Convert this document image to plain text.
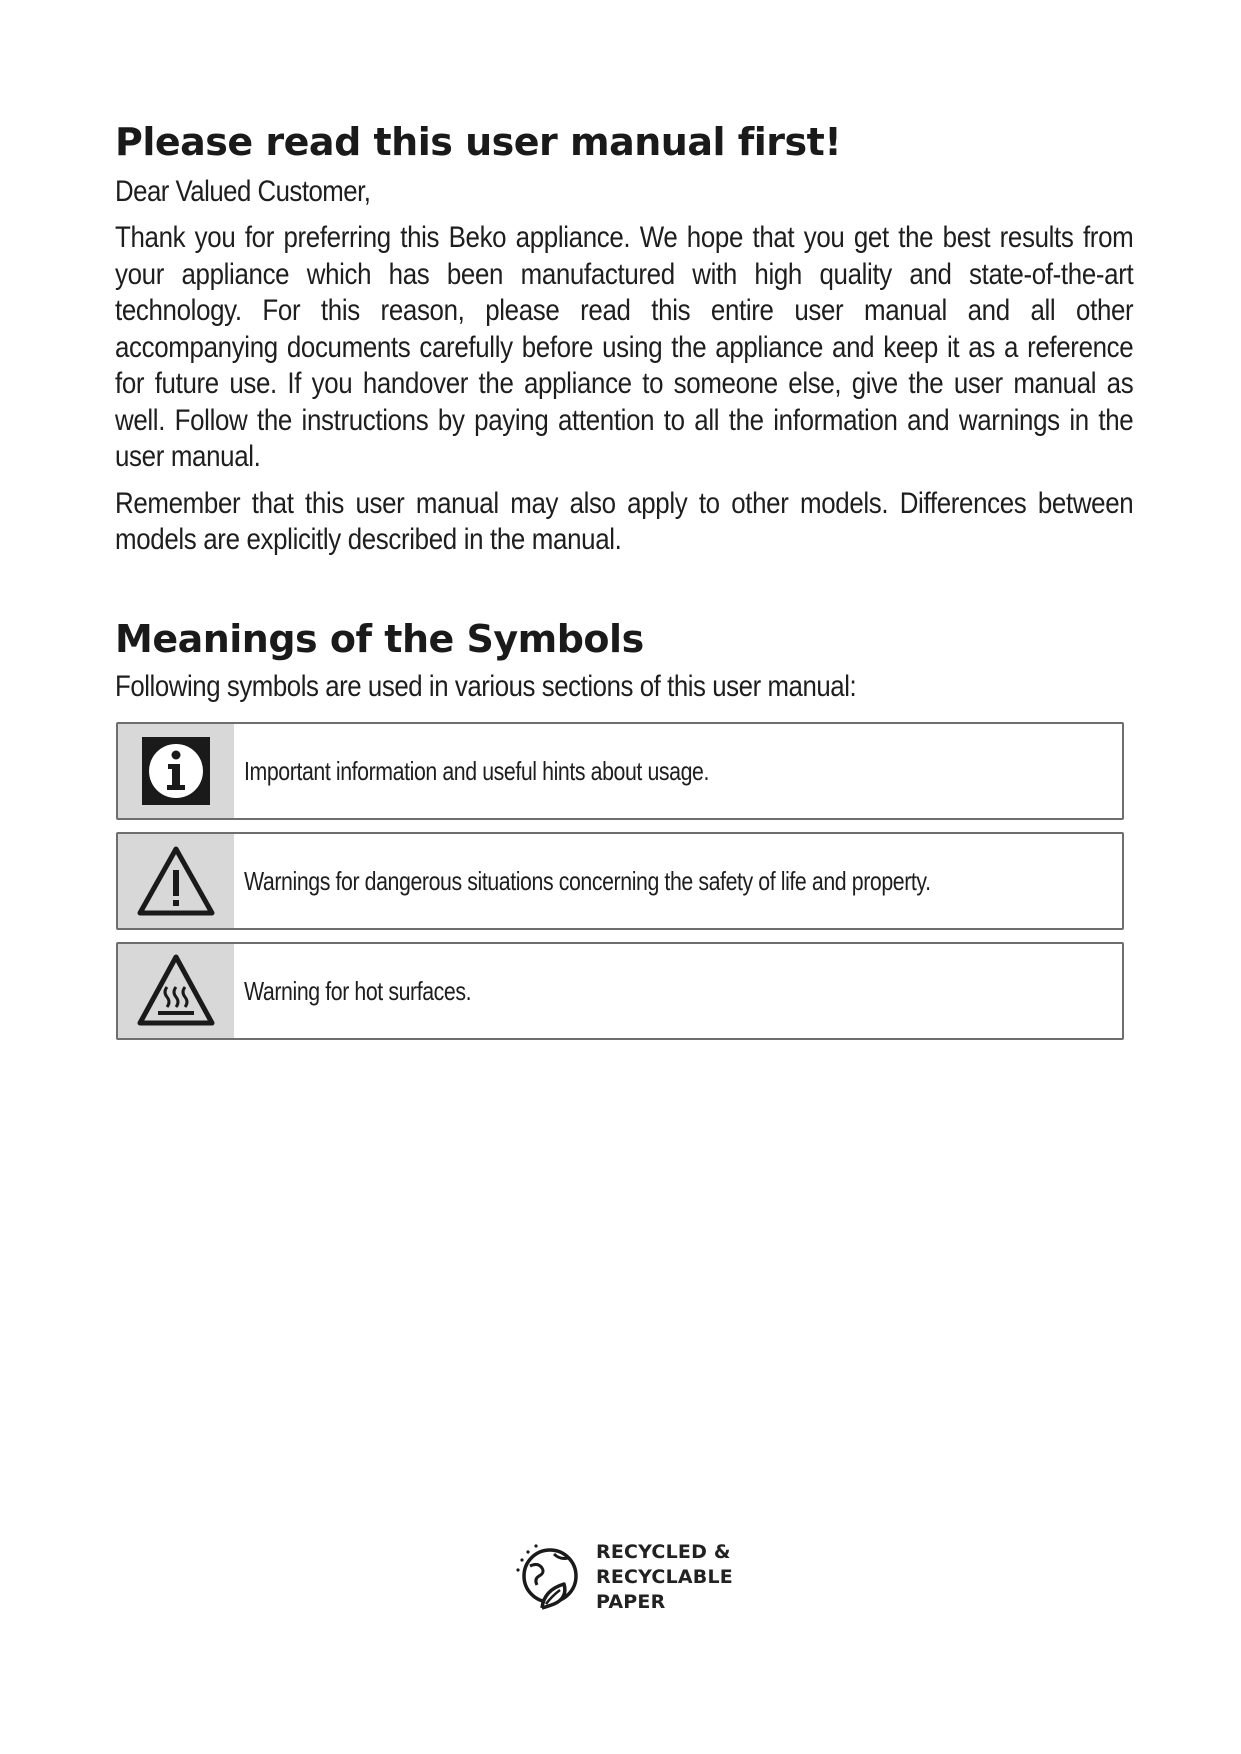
Please read this user manual first!

Dear Valued Customer,

Thank you for preferring this Beko appliance. We hope that you get the best results from your appliance which has been manufactured with high quality and state-of-the-art technology. For this reason, please read this entire user manual and all other accompanying documents carefully before using the appliance and keep it as a reference for future use. If you handover the appliance to someone else, give the user manual as well. Follow the instructions by paying attention to all the information and warnings in the user manual.

Remember that this user manual may also apply to other models. Differences between models are explicitly described in the manual.

Meanings of the Symbols

Following symbols are used in various sections of this user manual:

Important information and useful hints about usage.
Warnings for dangerous situations concerning the safety of life and property.
Warning for hot surfaces.
RECYCLED &
RECYCLABLE
PAPER
